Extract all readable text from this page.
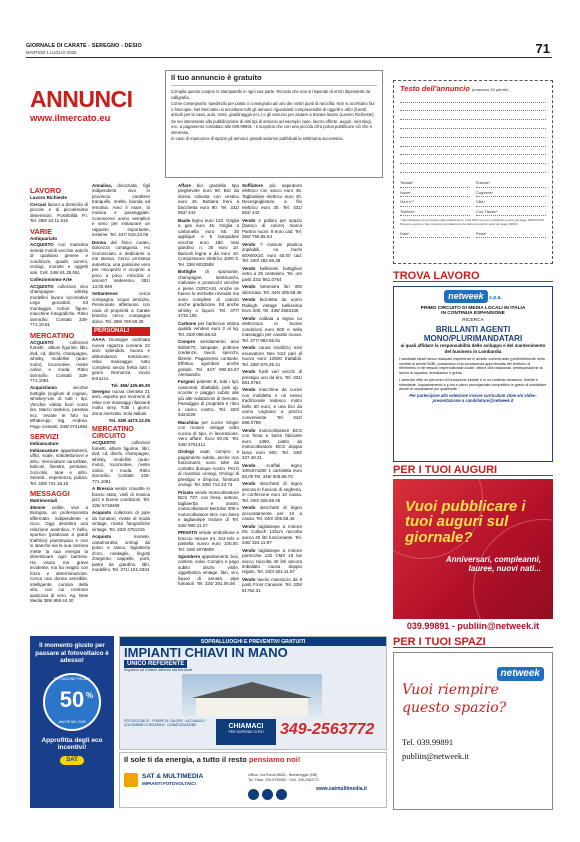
GIORNALE DI CARATE - SEREGNO - DESIO
MARTEDÌ 1 LUGLIO 2025	71
ANNUNCI
www.ilmercato.eu
Il tuo annuncio è gratuito

Compila questo coupon in stampatello in ogni sua parte. Ricorda che non si risponde di errori dipendenti da calligrafia.

Come consegnarlo: spediscilo per posta o consegnalo ad uno dei nostri punti di raccolta. Non si accettano fax o fotocopie. Nel Mercatino si accettano tutti gli annunci riguardanti compravendite di oggetti e altro (furetti, articoli per la casa, auto, moto, giardinaggio ecc.) e gli annunci per aiutare a trovare lavoro (Lavoro Richieste).

Se sei interessato alla pubblicazione di altri tipi di annunci ad esempio case, lavoro offerte, auguri, necrologi, ecc. a pagamento contattaci allo 039.99691 - ti scoprirai che con una piccola cifra potrai pubblicare ciò che ti interessa.

In caso di mancanza di spazio gli annunci gratuiti saranno pubblicati la settimana successiva.

Testo dell'annuncio (massimo 20 parole)
Testata*	Rubrica*
Nome*	Cognome*
Via e n°*	Città*
Telefono*	Cod. Fiscale*
* dati obbligatori per procedere alla pubblicazione. I dati NON verranno pubblicati ai sensi del legge 196/03 RISS. Possono esporre o fare consenso al trattamento dei dati personali Ai sensi del legge 196/03.
Data*	Firma*
LAVORO
Lavoro Richieste
Cercasi lavoro a domicilio di piccole e di piccolissime dimensioni. Possibilità P.I. Tel. 338/ 24.11.615
VARIE
Antiquariato
ACQUISTO con massima serietà mobili vecchie antichi di qualsiasi genere e condizioni, quadri, sommi, orologi, monete e oggetti vari. Cell. 349/ 61.25.061
Collezionismo-Arte
ACQUISTO collezioni vino champagne- whisky modellini lavoro locomotive Lego giocattoli, Kit montaggio Action figure, macchine fotografiche. Ritiro domicilio. Contatti 339- 771.10.81
MERCATINO
ACQUISTO collezioni fumetti , album figurine, libri, dvd, cd, dischi, champagne, whisky, modellini (auto- moto), locomotive, riviste calcio e moda. Ritiro domicilio. Contatti 328- 771.1081
Acquistiamo vecchie bottiglie (soglioni di cognac, whiskey-vini di tutti i tipi. Vecchie valuta fuori corso lire, Marco tedesco, pesetas ecc. Inviate le foto su WhatsApp Sig. Andrea. Pago contanti. 349/ 0741864
SERVIZI
Imbiancature
Imbiancature appartamenti, uffici, scale, sottotetto/ovvi e altro. Verniciature cancellate, balconi, finestre, persiane, zoccolini, tane e altro. Serietà , esperienza, pulizia. Tel. 339/ 741.16.15
MESSAGGI
Matrimoniali
40enne celibe, vive a Bologna, un professionista affermato, indipendente e ricco. Oggi desidera una relazione autentica. Y bello, sportivo (praticava a giardi triathlon) piantimpaio e non si stanche sia la sua carriera mette la sua energia la dimenticare ogni barriera. Ha visuto ma grave incidente, ma ha reagito con forza e determinazione. Cerca una donna sensibile, intelligente, curiosa della vita, con cui costruire qualcosa di vero. Ag. New Media 389/ 859.44.30
Annalisa, divorziata, figli indipendenti, vivo in provincia, carattere tranquillo, snella, bionda ed emotiva. Amo il mare, la musica e passeggiate. Conoscerei uomo semplice e serio per instaurare un rapporto importante, insieme. Tel. 347/ 915.23.06
Donna dal fisico curato, dolcezza contagiosa. Ho riconosciuto a dedicarmi a me stessa. Cerco un'intesa autentica, una passione vera per riscoprirsi e scoprire a poco a poco. Amicizia o amore? Vederemo. 351/ 13.00.949
Settantenne cerca compagna, scopo amicizia. Pensionato affettuoso con casa di proprietà a Carate brianza cerco compagna dolce. Tel. 388/ 759.59.39
PERSONALI
AAAA Giuseppe cambiata nuova ragazza coreana 22 anni splendido, buona e abbondanza tentazione, relax massaggio tutto completo senza fretta tutti i giorni Nemonza vicolo terrazzo.
Tel. 366/ 425.65.30
Seregno nuova clientela 21 anni, aspetto per momenti di relax con massaggi rilassanti molto sexy. Tutti i giorni. Zona riservata. Solo italiani.
Tel. 339/ 4473.12.05
MERCATINO CIRCUITO
ACQUISTO collezioni fumetti, album figurine, libri, dvd, cd, dischi, champagne, whisky, modellini (auto- moto), locomotive, riviste calcio e moda. Ritiro domicilio. Contatti 328- 771.1081
A Brescia vendo cravatte in buono stato, vinili di musica jazz e buone condizioni. Tel. 328/ 6719489
Acquisto collezioni di pipe da fumatori, riviste di moda vintage, rivista fotografiche vintage. Tel. 333/ 4751215
Acquisto monete, cartamoneta, orologi da polso e tasca, bigiotteria d'oro, medaglie, lingotti d'argento, cappelle, porti, pietre da giardino, libri, modellini. Tel. 371/ 151.0334
Affare bici graziella tipo pieghevole euro 90. Bici da donna robusta con cestino euro 45. Bottiera freni a bacchetta euro 90. Tel. 331/ 862/ 443
Baule legno euro 120. Griglia a gas euro 45. Griglia a carbonella euro 65. 30 appliqué e 5 lampadine vecchie euro 180. Vasi giardino n. 30 euro 10. Bancali legna a da euro 10. Compressore elettrico 1000 lt. Tel. 336/ 6033558
Bottiglie di spumante, champagne, lambruschi, malvasie e prosecchi vecchie e piene CERCASI. Anche se hanno le etichette rovinate ma sono complete di calcolo anche gradazione. Ed anche whisky o liquori. Tel. 377/ 4732.106
Carbone per barbecue ottima qualità vendesi euro 2 al kg. Tel. 333/ 096.68.62
Compro arredamento anni 60/60/70, lampade, poltrone credenze, tavoli, specchi, librerie. Pagamento contante. Effettuo sgomberi anche gratuiti. Tel. 347/ 090.54.67 Alessandro
Furgoni patente B, tutti i tipi, cassonati, ribaltabili, pick up, scooter e piaggio subito alle più alte valutazioni di mercato. Passaggio di proprietà e ritiro a carico nostro. Tel. 320/ 5324226
Macchina per cucire Singer con motore vintage sotto cucina di tipo, in lavorazione. Vero affare. Euro 50,00. Tel. 349/ 3761411
Orologi usati compro a pagamento subito, anche non funzionanti, sono tolte da contatto dunque nostro. Pezzi di ricambio orologi, Orologi di prestigio e d'epoca, fornitura orologi. Tel. 339/ 713.23.73
Privato vende motocoltivatore BCS 737, con fresa, settore, tagliaerba e aratro, motocoltivatore Bertolini 300 e motocoltivatore Bcs con barra e tagliasiepe motore di Tel. 340/ 980.11.27
PRIVATO vende ombrellone e braccio misure mt. 3x3 telo e pastella nuovo euro 100,00. Tel. 349/ 4078809
Sgombero appartamenti, box, cantine, solai. Compro e pago subito dischi vinile, oggettistica vintage, libri, vini, liquori di annata, pipe fumatori. Tel. 334/ 391.06.56
Soffiatore più aspiratore elettrico con sacco euro 45. Tagliasiepe elettrico euro 40. Decespugliatore a filo elettrico euro 30. Tel. 331/ 862/ 443
Vendo 2 palloni per spazio (bianco di colore) marca Pantrix nuovi. 8 euro cad. Tel. 360/ 755.65.54
Vendo 7 cassoni plastica impilabili, no buchi 60X60X10, euro 45,00 cad. Tel. 340/ 292.66.39
Vendo bellissimi bottiglioni vetro a 25 centesimi. Tel. ore pasti 331/ 861.0764
Vendo betoniera litri 300 silenziata. Tel. 340/ 305.68.46
Vendo bicicletta da uomo Raleigh vintage bellissima Euro 200. Tel. 339/ 2583108
Vendo caldaia a legna no elettronica in buone condizioni euro 600 e sella massaggio per cavallo nuova. Tel. 377/ 983.55.91
Vendo causa inutilizzo mini escavatore Nex N12 pari al nuovo euro 12500 trattabili. Tel. 338/ 976.25.41
Vendo fucili vari vecchi di prestigio uno da tiro. Tel. 331/ 861.0764
Vendo macchina da cucire con mobiletto e un nesso tradizionale tedesco molto bello 60 euro, e una bici da uomo Legnano a prezzo conveniente. Tel. 342/ 698.0789
Vendo motocoltivatore BCS con fresa e barra falciante euro 1350, piatto da motocoltivatore BCS doppia lama euro 500. Tel. 348/ 437.48.31
Vendo scaffali legno 100x57x280 1 cartoletta euro 60,00 Tel. 348/ 006.66.70
Vendo stecchetti di legno ancora in fusciosi di segheria, in confezione euro 10 cassa. Tel. 340/ 305.68.46
Vendo stecchetti di legno accuratamente per 10 a cassa. Tel. 340/ 305.68.46
Vendo tagliasiepe a motore Mc Culloch 132cm raccolta sacco 40 litri funzionante. Tel. 340/ 324.11.97
Vendo tagliasiepe a motore parecchie 132 CM3 18 lav sacco raccolta 40 litri ancora imballato causa doppio regalo. Tel. 340/ 324.11.97
Vendo tavolo massiccio da 8 posti Front Canasse. Tel. 339/ 81752.31
TROVA LAVORO
netweek s.p.a.
PRIMO CIRCUITO DI MEDIA LOCALI IN ITALIA
IN CONTINUA ESPANSIONE
RICERCA
BRILLANTI AGENTI MONO/PLURIMANDATARI
ai quali affidare la responsabilità dello sviluppo e del mantenimento del business in Lombardia
I candidati ideali hanno maturato esperienze in ambito commerciale (preferibilmente nella vendita di servizi B2B), possiedono una conoscenza approfondita del territorio di riferimento e del tessuto imprenditoriale locale, ottime doti relazionali, predisposizione al lavoro di squadra, entusiasmo e grinta.
L'azienda offre un percorso di formazione iniziale e in un contesto dinamico, fluente e stimolante. Inquadramento a p.iva e piano provvigionale competitivo in grado di soddisfare anche le candidature più qualificate.
Per partecipare alla selezione inviare curriculum vitae e/o video-presentazione a candidature@netweek.it
PER I TUOI AUGURI
Vuoi pubblicare i tuoi auguri sul giornale?
Anniversari, compleanni, lauree, nuovi nati...
039.99891 - publiin@netweek.it
PER I TUOI SPAZI
netweek
Vuoi riempire questo spazio?
Tel. 039.99891
publiin@netweek.it
Il momento giusto per passare al fotovoltaico è adesso!
DETRAZIONE FISCALE
50 %
ANCHE NEL 2025
Approfitta degli eco incentivi!
SAT
SOPRALLUOGHI E PREVENTIVI GRATUITI
IMPIANTI CHIAVI IN MANO
UNICO REFERENTE
Seguiamo noi il cliente dall'inizio alla fine lavori
FOTOVOLTAICO · POMPE DI CALORE · ACCUMULO · COLONNINE DI RICARICA · CLIMATIZZAZIONE	CHIAMACI
PER SAPERNE DI PIÙ	349-2563772
Il sole ti da energia, a tutto il resto pensiamo noi!
SAT & MULTIMEDIA
IMPIANTI FOTOVOLTAICI
Ufficio: Via Roma 88/82 - Bernareggio (MB)
Tel. Fisso: 039-6759082 - Cell. 349-2563772
www.satmultimedia.it
